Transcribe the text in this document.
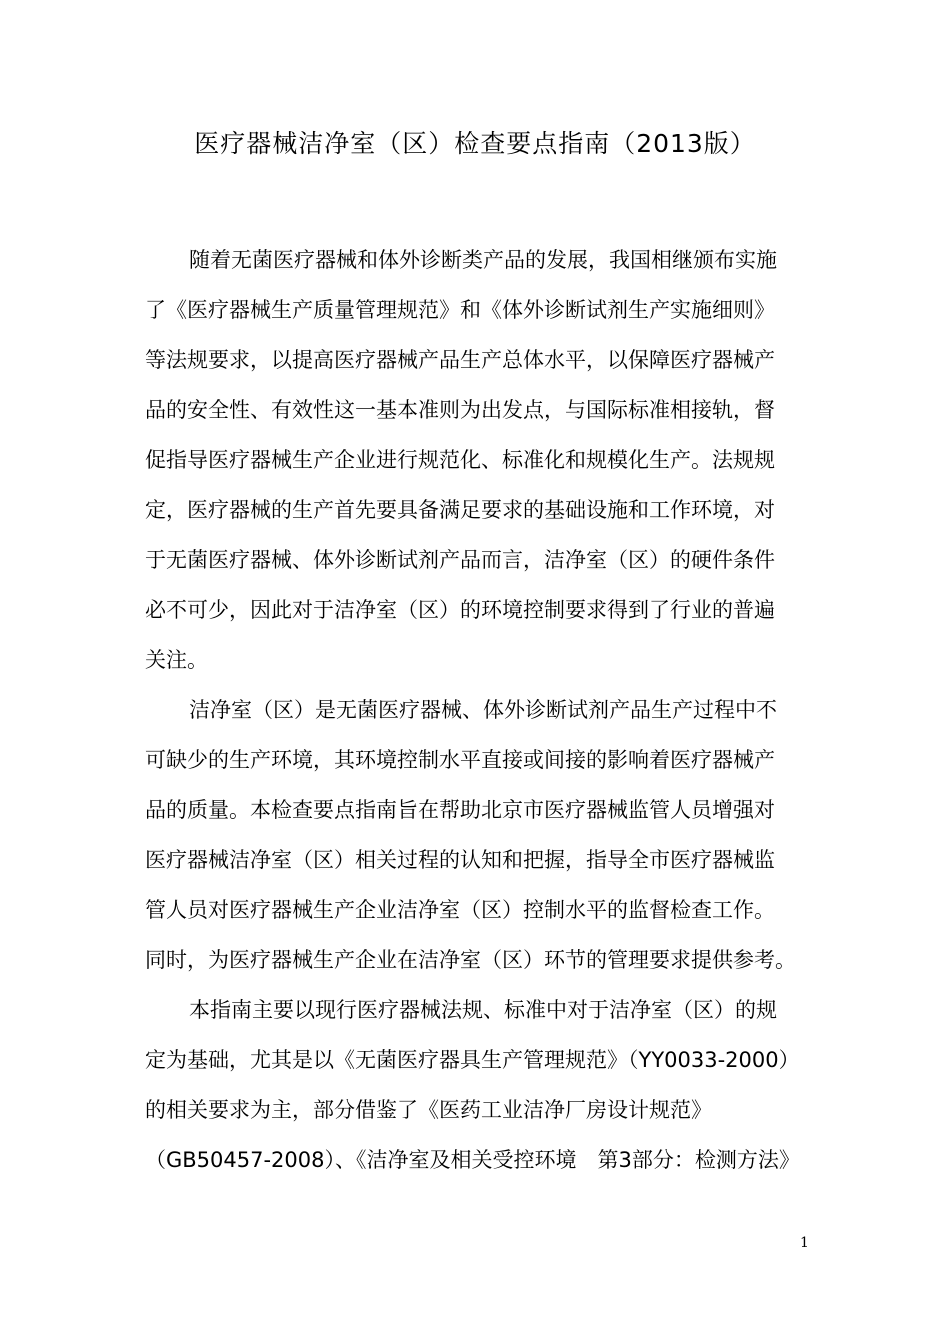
医疗器械洁净室（区）检查要点指南（2013版）
随着无菌医疗器械和体外诊断类产品的发展，我国相继颁布实施
了《医疗器械生产质量管理规范》和《体外诊断试剂生产实施细则》
等法规要求，以提高医疗器械产品生产总体水平，以保障医疗器械产
品的安全性、有效性这一基本准则为出发点，与国际标准相接轨，督
促指导医疗器械生产企业进行规范化、标准化和规模化生产。法规规
定，医疗器械的生产首先要具备满足要求的基础设施和工作环境，对
于无菌医疗器械、体外诊断试剂产品而言，洁净室（区）的硬件条件
必不可少，因此对于洁净室（区）的环境控制要求得到了行业的普遍
关注。
洁净室（区）是无菌医疗器械、体外诊断试剂产品生产过程中不
可缺少的生产环境，其环境控制水平直接或间接的影响着医疗器械产
品的质量。本检查要点指南旨在帮助北京市医疗器械监管人员增强对
医疗器械洁净室（区）相关过程的认知和把握，指导全市医疗器械监
管人员对医疗器械生产企业洁净室（区）控制水平的监督检查工作。
同时，为医疗器械生产企业在洁净室（区）环节的管理要求提供参考。
本指南主要以现行医疗器械法规、标准中对于洁净室（区）的规
定为基础，尤其是以《无菌医疗器具生产管理规范》（YY0033-2000）
的相关要求为主，部分借鉴了《医药工业洁净厂房设计规范》
（GB50457-2008）、《洁净室及相关受控环境　第3部分：检测方法》
1
